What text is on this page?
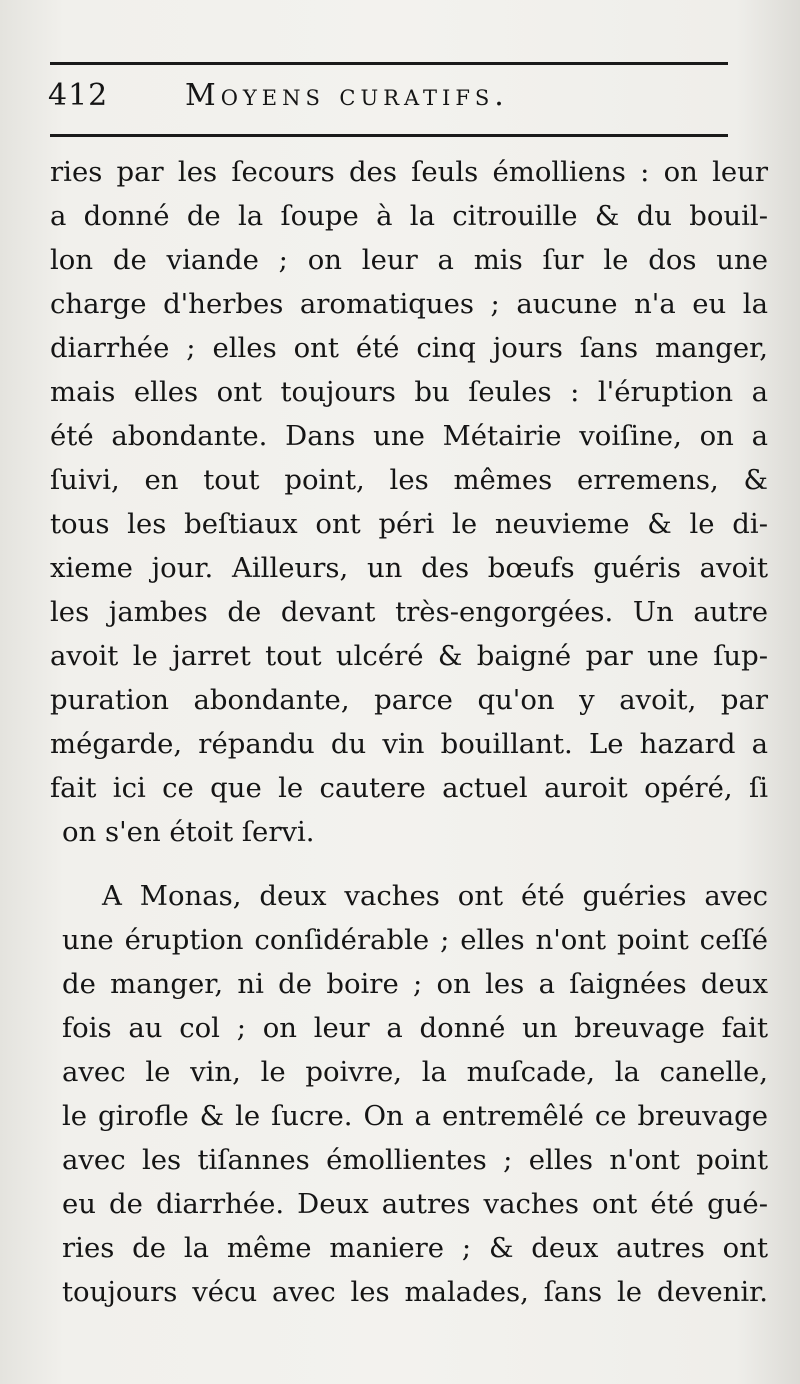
412	Moyens curatifs.
ries par les ſecours des ſeuls émolliens : on leur
a donné de la ſoupe à la citrouille & du bouil-
lon de viande ; on leur a mis ſur le dos une
charge d'herbes aromatiques ; aucune n'a eu la
diarrhée ; elles ont été cinq jours ſans manger,
mais elles ont toujours bu ſeules : l'éruption a
été abondante. Dans une Métairie voiſine, on a
ſuivi, en tout point, les mêmes erremens, &
tous les beſtiaux ont péri le neuvieme & le di-
xieme jour. Ailleurs, un des bœufs guéris avoit
les jambes de devant très-engorgées. Un autre
avoit le jarret tout ulcéré & baigné par une ſup-
puration abondante, parce qu'on y avoit, par
mégarde, répandu du vin bouillant. Le hazard a
fait ici ce que le cautere actuel auroit opéré, ſi
on s'en étoit ſervi.
A Monas, deux vaches ont été guéries avec
une éruption conſidérable ; elles n'ont point ceſſé
de manger, ni de boire ; on les a ſaignées deux
fois au col ; on leur a donné un breuvage fait
avec le vin, le poivre, la muſcade, la canelle,
le girofle & le ſucre. On a entremêlé ce breuvage
avec les tiſannes émollientes ; elles n'ont point
eu de diarrhée. Deux autres vaches ont été gué-
ries de la même maniere ; & deux autres ont
toujours vécu avec les malades, ſans le devenir.
